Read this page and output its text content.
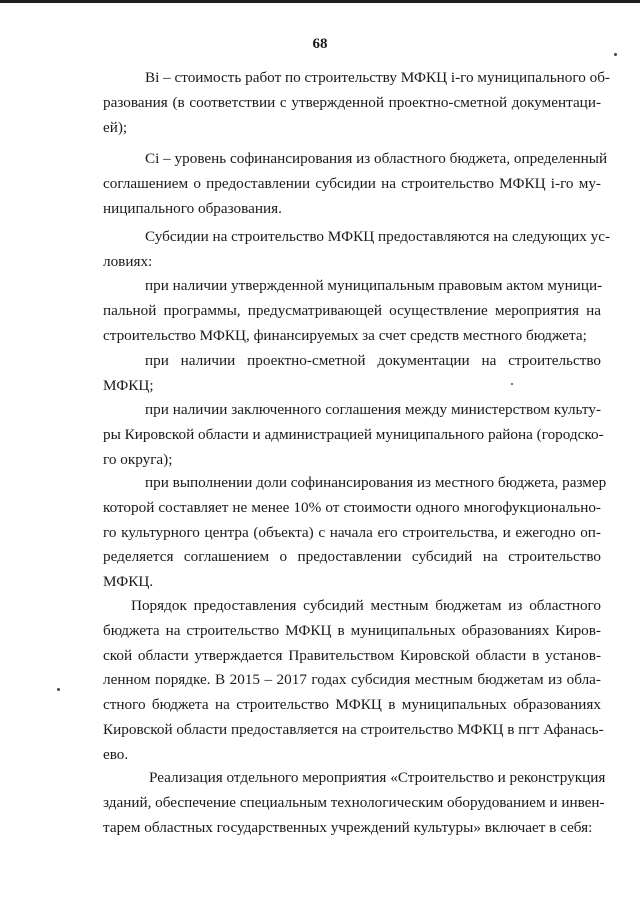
68
Bi – стоимость работ по строительству МФКЦ i-го муниципального об-
разования (в соответствии с утвержденной проектно-сметной документаци-
ей);
Ci – уровень софинансирования из областного бюджета, определенный
соглашением о предоставлении субсидии на строительство МФКЦ i-го му-
ниципального образования.
Субсидии на строительство МФКЦ предоставляются на следующих ус-
ловиях:
при наличии утвержденной муниципальным правовым актом муници-
пальной программы, предусматривающей осуществление мероприятия на
строительство МФКЦ, финансируемых за счет средств местного бюджета;
при наличии проектно-сметной документации на строительство
МФКЦ;
при наличии заключенного соглашения между министерством культу-
ры Кировской области и администрацией муниципального района (городско-
го округа);
при выполнении доли софинансирования из местного бюджета, размер
которой составляет не менее 10% от стоимости одного многофукционально-
го культурного центра (объекта) с начала его строительства, и ежегодно оп-
ределяется соглашением о предоставлении субсидий на строительство
МФКЦ.
Порядок предоставления субсидий местным бюджетам из областного
бюджета на строительство МФКЦ в муниципальных образованиях Киров-
ской области утверждается Правительством Кировской области в установ-
ленном порядке. В 2015 – 2017 годах субсидия местным бюджетам из обла-
стного бюджета на строительство МФКЦ в муниципальных образованиях
Кировской области предоставляется на строительство МФКЦ в пгт Афанась-
ево.
Реализация отдельного мероприятия «Строительство и реконструкция
зданий, обеспечение специальным технологическим оборудованием и инвен-
тарем областных государственных учреждений культуры» включает в себя:
